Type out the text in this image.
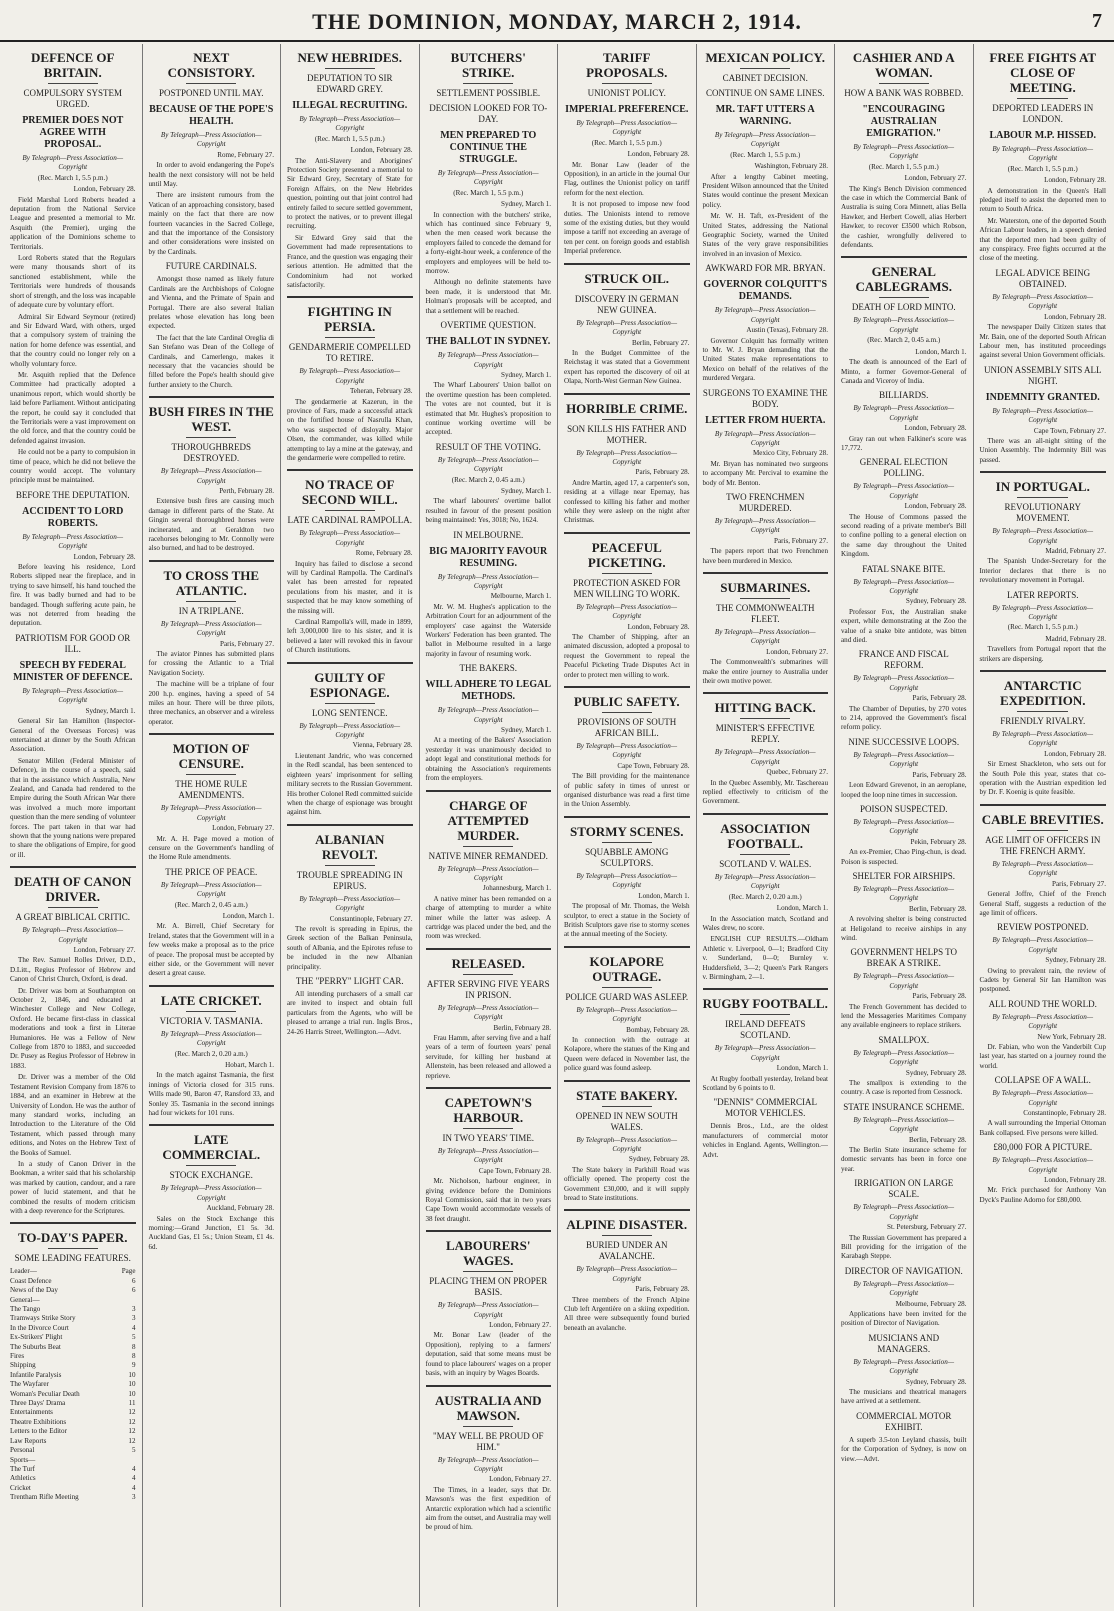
THE DOMINION, MONDAY, MARCH 2, 1914.	7
DEFENCE OF BRITAIN.
COMPULSORY SYSTEM URGED.
PREMIER DOES NOT AGREE WITH PROPOSAL.
By Telegraph—Press Association—Copyright
(Rec. March 1, 5.5 p.m.)
London, February 28.

Field Marshal Lord Roberts headed a deputation from the National Service League and presented a memorial to Mr. Asquith (the Premier), urging the application of the Dominions scheme to Territorials.

Lord Roberts stated that the Regulars were many thousands short of its sanctioned establishment, while the Territorials were hundreds of thousands short of strength, and the loss was incapable of adequate cure by voluntary effort.

Admiral Sir Edward Seymour (retired) and Sir Edward Ward, with others, urged that a compulsory system of training the nation for home defence was essential, and that the country could no longer rely on a wholly voluntary force.

Mr. Asquith replied that the Defence Committee had practically adopted a unanimous report, which would shortly be laid before Parliament. Without anticipating the report, he could say it concluded that the Territorials were a vast improvement on the old force, and that the country could be defended against invasion.

He could not be a party to compulsion in time of peace, which he did not believe the country would accept. The voluntary principle must be maintained.

BEFORE THE DEPUTATION.
ACCIDENT TO LORD ROBERTS.
By Telegraph—Press Association—Copyright
London, February 28.

Before leaving his residence, Lord Roberts slipped near the fireplace, and in trying to save himself, his hand touched the fire. It was badly burned and had to be bandaged. Though suffering acute pain, he was not deterred from heading the deputation.

PATRIOTISM FOR GOOD OR ILL.
SPEECH BY FEDERAL MINISTER OF DEFENCE.
By Telegraph—Press Association—Copyright
Sydney, March 1.

General Sir Ian Hamilton (Inspector-General of the Overseas Forces) was entertained at dinner by the South African Association.

Senator Millen (Federal Minister of Defence), in the course of a speech, said that in the assistance which Australia, New Zealand, and Canada had rendered to the Empire during the South African War there was involved a much more important question than the mere sending of volunteer forces. The part taken in that war had shown that the young nations were prepared to share the obligations of Empire, for good or ill.

DEATH OF CANON DRIVER.
A GREAT BIBLICAL CRITIC.
By Telegraph—Press Association—Copyright
London, February 27.

The Rev. Samuel Rolles Driver, D.D., D.Litt., Regius Professor of Hebrew and Canon of Christ Church, Oxford, is dead.

Dr. Driver was born at Southampton on October 2, 1846, and educated at Winchester College and New College, Oxford. He became first-class in classical moderations and took a first in Literae Humaniores. He was a Fellow of New College from 1870 to 1883, and succeeded Dr. Pusey as Regius Professor of Hebrew in 1883.

Dr. Driver was a member of the Old Testament Revision Company from 1876 to 1884, and an examiner in Hebrew at the University of London. He was the author of many standard works, including an Introduction to the Literature of the Old Testament, which passed through many editions, and Notes on the Hebrew Text of the Books of Samuel.

In a study of Canon Driver in the Bookman, a writer said that his scholarship was marked by caution, candour, and a rare power of lucid statement, and that he combined the results of modern criticism with a deep reverence for the Scriptures.

TO-DAY'S PAPER.
SOME LEADING FEATURES.
Leader—	Page
Coast Defence	6
News of the Day	6
General—
The Tango	3
Tramways Strike Story	3
In the Divorce Court	4
Ex-Strikers' Plight	5
The Suburbs Beat	8
Fires	8
Shipping	9
Infantile Paralysis	10
The Wayfarer	10
Woman's Peculiar Death	10
Three Days' Drama	11
Entertainments	12
Theatre Exhibitions	12
Letters to the Editor	12
Law Reports	12
Personal	5
Sports—
The Turf	4
Athletics	4
Cricket	4
Trentham Rifle Meeting	3
NEXT CONSISTORY.
POSTPONED UNTIL MAY.
BECAUSE OF THE POPE'S HEALTH.
By Telegraph—Press Association—Copyright
Rome, February 27.

In order to avoid endangering the Pope's health the next consistory will not be held until May.

There are insistent rumours from the Vatican of an approaching consistory, based mainly on the fact that there are now fourteen vacancies in the Sacred College, and that the importance of the Consistory and other considerations were insisted on by the Cardinals.

FUTURE CARDINALS.

Amongst those named as likely future Cardinals are the Archbishops of Cologne and Vienna, and the Primate of Spain and Portugal. There are also several Italian prelates whose elevation has long been expected.

The fact that the late Cardinal Oreglia di San Stefano was Dean of the College of Cardinals, and Camerlengo, makes it necessary that the vacancies should be filled before the Pope's health should give further anxiety to the Church.

BUSH FIRES IN THE WEST.
THOROUGHBREDS DESTROYED.
By Telegraph—Press Association—Copyright
Perth, February 28.

Extensive bush fires are causing much damage in different parts of the State. At Gingin several thoroughbred horses were incinerated, and at Geraldton two racehorses belonging to Mr. Connolly were also burned, and had to be destroyed.

TO CROSS THE ATLANTIC.
IN A TRIPLANE.
By Telegraph—Press Association—Copyright
Paris, February 27.

The aviator Pinnes has submitted plans for crossing the Atlantic to a Trial Navigation Society.

The machine will be a triplane of four 200 h.p. engines, having a speed of 54 miles an hour. There will be three pilots, three mechanics, an observer and a wireless operator.

MOTION OF CENSURE.
THE HOME RULE AMENDMENTS.
By Telegraph—Press Association—Copyright
London, February 27.

Mr. A. H. Page moved a motion of censure on the Government's handling of the Home Rule amendments.

THE PRICE OF PEACE.
By Telegraph—Press Association—Copyright
(Rec. March 2, 0.45 a.m.)
London, March 1.

Mr. A. Birrell, Chief Secretary for Ireland, states that the Government will in a few weeks make a proposal as to the price of peace. The proposal must be accepted by either side, or the Government will never desert a great cause.

LATE CRICKET.
VICTORIA V. TASMANIA.
By Telegraph—Press Association—Copyright
(Rec. March 2, 0.20 a.m.)
Hobart, March 1.

In the match against Tasmania, the first innings of Victoria closed for 315 runs. Wills made 90, Baron 47, Ransford 33, and Sonley 35. Tasmania in the second innings had four wickets for 101 runs.

LATE COMMERCIAL.
STOCK EXCHANGE.
By Telegraph—Press Association—Copyright
Auckland, February 28.

Sales on the Stock Exchange this morning:—Grand Junction, £1 5s. 3d. Auckland Gas, £1 5s.; Union Steam, £1 4s. 6d.

NEW HEBRIDES.
DEPUTATION TO SIR EDWARD GREY.
ILLEGAL RECRUITING.
By Telegraph—Press Association—Copyright
(Rec. March 1, 5.5 p.m.)
London, February 28.

The Anti-Slavery and Aborigines' Protection Society presented a memorial to Sir Edward Grey, Secretary of State for Foreign Affairs, on the New Hebrides question, pointing out that joint control had entirely failed to secure settled government, to protect the natives, or to prevent illegal recruiting.

Sir Edward Grey said that the Government had made representations to France, and the question was engaging their serious attention. He admitted that the Condominium had not worked satisfactorily.

FIGHTING IN PERSIA.
GENDARMERIE COMPELLED TO RETIRE.
By Telegraph—Press Association—Copyright
Teheran, February 28.

The gendarmerie at Kazerun, in the province of Fars, made a successful attack on the fortified house of Nasrulla Khan, who was suspected of disloyalty. Major Olsen, the commander, was killed while attempting to lay a mine at the gateway, and the gendarmerie were compelled to retire.

NO TRACE OF SECOND WILL.
LATE CARDINAL RAMPOLLA.
By Telegraph—Press Association—Copyright
Rome, February 28.

Inquiry has failed to disclose a second will by Cardinal Rampolla. The Cardinal's valet has been arrested for repeated peculations from his master, and it is suspected that he may know something of the missing will.

Cardinal Rampolla's will, made in 1899, left 3,000,000 lire to his sister, and it is believed a later will revoked this in favour of Church institutions.

GUILTY OF ESPIONAGE.
LONG SENTENCE.
By Telegraph—Press Association—Copyright
Vienna, February 28.

Lieutenant Jandric, who was concerned in the Redl scandal, has been sentenced to eighteen years' imprisonment for selling military secrets to the Russian Government. His brother Colonel Redl committed suicide when the charge of espionage was brought against him.

ALBANIAN REVOLT.
TROUBLE SPREADING IN EPIRUS.
By Telegraph—Press Association—Copyright
Constantinople, February 27.

The revolt is spreading in Epirus, the Greek section of the Balkan Peninsula, south of Albania, and the Epirotes refuse to be included in the new Albanian principality.

THE "PERRY" LIGHT CAR.

All intending purchasers of a small car are invited to inspect and obtain full particulars from the Agents, who will be pleased to arrange a trial run. Inglis Bros., 24-26 Harris Street, Wellington.—Advt.

BUTCHERS' STRIKE.
SETTLEMENT POSSIBLE.
DECISION LOOKED FOR TO-DAY.
MEN PREPARED TO CONTINUE THE STRUGGLE.
By Telegraph—Press Association—Copyright
(Rec. March 1, 5.5 p.m.)
Sydney, March 1.

In connection with the butchers' strike, which has continued since February 9, when the men ceased work because the employers failed to concede the demand for a forty-eight-hour week, a conference of the employers and employees will be held to-morrow.

Although no definite statements have been made, it is understood that Mr. Holman's proposals will be accepted, and that a settlement will be reached.

OVERTIME QUESTION.
THE BALLOT IN SYDNEY.
By Telegraph—Press Association—Copyright
Sydney, March 1.

The Wharf Labourers' Union ballot on the overtime question has been completed. The votes are not counted, but it is estimated that Mr. Hughes's proposition to continue working overtime will be accepted.

RESULT OF THE VOTING.
By Telegraph—Press Association—Copyright
(Rec. March 2, 0.45 a.m.)
Sydney, March 1.

The wharf labourers' overtime ballot resulted in favour of the present position being maintained: Yes, 3018; No, 1624.

IN MELBOURNE.
BIG MAJORITY FAVOUR RESUMING.
By Telegraph—Press Association—Copyright
Melbourne, March 1.

Mr. W. M. Hughes's application to the Arbitration Court for an adjournment of the employers' case against the Waterside Workers' Federation has been granted. The ballot in Melbourne resulted in a large majority in favour of resuming work.

THE BAKERS.
WILL ADHERE TO LEGAL METHODS.
By Telegraph—Press Association—Copyright
Sydney, March 1.

At a meeting of the Bakers' Association yesterday it was unanimously decided to adopt legal and constitutional methods for obtaining the Association's requirements from the employers.

CHARGE OF ATTEMPTED MURDER.
NATIVE MINER REMANDED.
By Telegraph—Press Association—Copyright
Johannesburg, March 1.

A native miner has been remanded on a charge of attempting to murder a white miner while the latter was asleep. A cartridge was placed under the bed, and the room was wrecked.

RELEASED.
AFTER SERVING FIVE YEARS IN PRISON.
By Telegraph—Press Association—Copyright
Berlin, February 28.

Frau Hamm, after serving five and a half years of a term of fourteen years' penal servitude, for killing her husband at Allenstein, has been released and allowed a reprieve.

CAPETOWN'S HARBOUR.
IN TWO YEARS' TIME.
By Telegraph—Press Association—Copyright
Cape Town, February 28.

Mr. Nicholson, harbour engineer, in giving evidence before the Dominions Royal Commission, said that in two years Cape Town would accommodate vessels of 38 feet draught.

LABOURERS' WAGES.
PLACING THEM ON PROPER BASIS.
By Telegraph—Press Association—Copyright
London, February 27.

Mr. Bonar Law (leader of the Opposition), replying to a farmers' deputation, said that some means must be found to place labourers' wages on a proper basis, with an inquiry by Wages Boards.

AUSTRALIA AND MAWSON.
"MAY WELL BE PROUD OF HIM."
By Telegraph—Press Association—Copyright
London, February 27.

The Times, in a leader, says that Dr. Mawson's was the first expedition of Antarctic exploration which had a scientific aim from the outset, and Australia may well be proud of him.

TARIFF PROPOSALS.
UNIONIST POLICY.
IMPERIAL PREFERENCE.
By Telegraph—Press Association—Copyright
(Rec. March 1, 5.5 p.m.)
London, February 28.

Mr. Bonar Law (leader of the Opposition), in an article in the journal Our Flag, outlines the Unionist policy on tariff reform for the next election.

It is not proposed to impose new food duties. The Unionists intend to remove some of the existing duties, but they would impose a tariff not exceeding an average of ten per cent. on foreign goods and establish Imperial preference.

STRUCK OIL.
DISCOVERY IN GERMAN NEW GUINEA.
By Telegraph—Press Association—Copyright
Berlin, February 27.

In the Budget Committee of the Reichstag it was stated that a Government expert has reported the discovery of oil at Olapa, North-West German New Guinea.

HORRIBLE CRIME.
SON KILLS HIS FATHER AND MOTHER.
By Telegraph—Press Association—Copyright
Paris, February 28.

Andre Martin, aged 17, a carpenter's son, residing at a village near Epernay, has confessed to killing his father and mother while they were asleep on the night after Christmas.

PEACEFUL PICKETING.
PROTECTION ASKED FOR MEN WILLING TO WORK.
By Telegraph—Press Association—Copyright
London, February 28.

The Chamber of Shipping, after an animated discussion, adopted a proposal to request the Government to repeal the Peaceful Picketing Trade Disputes Act in order to protect men willing to work.

PUBLIC SAFETY.
PROVISIONS OF SOUTH AFRICAN BILL.
By Telegraph—Press Association—Copyright
Cape Town, February 28.

The Bill providing for the maintenance of public safety in times of unrest or organised disturbance was read a first time in the Union Assembly.

STORMY SCENES.
SQUABBLE AMONG SCULPTORS.
By Telegraph—Press Association—Copyright
London, March 1.

The proposal of Mr. Thomas, the Welsh sculptor, to erect a statue in the Society of British Sculptors gave rise to stormy scenes at the annual meeting of the Society.

KOLAPORE OUTRAGE.
POLICE GUARD WAS ASLEEP.
By Telegraph—Press Association—Copyright
Bombay, February 28.

In connection with the outrage at Kolapore, where the statues of the King and Queen were defaced in November last, the police guard was found asleep.

STATE BAKERY.
OPENED IN NEW SOUTH WALES.
By Telegraph—Press Association—Copyright
Sydney, February 28.

The State bakery in Parkhill Road was officially opened. The property cost the Government £30,000, and it will supply bread to State institutions.

ALPINE DISASTER.
BURIED UNDER AN AVALANCHE.
By Telegraph—Press Association—Copyright
Paris, February 28.

Three members of the French Alpine Club left Argentière on a skiing expedition. All three were subsequently found buried beneath an avalanche.

MEXICAN POLICY.
CABINET DECISION.
CONTINUE ON SAME LINES.
MR. TAFT UTTERS A WARNING.
By Telegraph—Press Association—Copyright
(Rec. March 1, 5.5 p.m.)
Washington, February 28.

After a lengthy Cabinet meeting, President Wilson announced that the United States would continue the present Mexican policy.

Mr. W. H. Taft, ex-President of the United States, addressing the National Geographic Society, warned the United States of the very grave responsibilities involved in an invasion of Mexico.

AWKWARD FOR MR. BRYAN.
GOVERNOR COLQUITT'S DEMANDS.
By Telegraph—Press Association—Copyright
Austin (Texas), February 28.

Governor Colquitt has formally written to Mr. W. J. Bryan demanding that the United States make representations to Mexico on behalf of the relatives of the murdered Vergara.

SURGEONS TO EXAMINE THE BODY.
LETTER FROM HUERTA.
By Telegraph—Press Association—Copyright
Mexico City, February 28.

Mr. Bryan has nominated two surgeons to accompany Mr. Percival to examine the body of Mr. Benton.

TWO FRENCHMEN MURDERED.
By Telegraph—Press Association—Copyright
Paris, February 27.

The papers report that two Frenchmen have been murdered in Mexico.

SUBMARINES.
THE COMMONWEALTH FLEET.
By Telegraph—Press Association—Copyright
London, February 27.

The Commonwealth's submarines will make the entire journey to Australia under their own motive power.

HITTING BACK.
MINISTER'S EFFECTIVE REPLY.
By Telegraph—Press Association—Copyright
Quebec, February 27.

In the Quebec Assembly, Mr. Taschereau replied effectively to criticism of the Government.

ASSOCIATION FOOTBALL.
SCOTLAND V. WALES.
By Telegraph—Press Association—Copyright
(Rec. March 2, 0.20 a.m.)
London, March 1.

In the Association match, Scotland and Wales drew, no score.

ENGLISH CUP RESULTS.—Oldham Athletic v. Liverpool, 0—1; Bradford City v. Sunderland, 0—0; Burnley v. Huddersfield, 3—2; Queen's Park Rangers v. Birmingham, 2—1.

RUGBY FOOTBALL.
IRELAND DEFEATS SCOTLAND.
By Telegraph—Press Association—Copyright
London, March 1.

At Rugby football yesterday, Ireland beat Scotland by 6 points to 0.

"DENNIS" COMMERCIAL MOTOR VEHICLES.

Dennis Bros., Ltd., are the oldest manufacturers of commercial motor vehicles in England. Agents, Wellington.—Advt.

CASHIER AND A WOMAN.
HOW A BANK WAS ROBBED.
"ENCOURAGING AUSTRALIAN EMIGRATION."
By Telegraph—Press Association—Copyright
(Rec. March 1, 5.5 p.m.)
London, February 27.

The King's Bench Division commenced the case in which the Commercial Bank of Australia is suing Cora Minnett, alias Bella Hawker, and Herbert Cowell, alias Herbert Hawker, to recover £3500 which Robson, the cashier, wrongfully delivered to defendants.

GENERAL CABLEGRAMS.
DEATH OF LORD MINTO.
By Telegraph—Press Association—Copyright
(Rec. March 2, 0.45 a.m.)
London, March 1.

The death is announced of the Earl of Minto, a former Governor-General of Canada and Viceroy of India.

BILLIARDS.
By Telegraph—Press Association—Copyright
London, February 28.

Gray ran out when Falkiner's score was 17,772.

GENERAL ELECTION POLLING.
By Telegraph—Press Association—Copyright
London, February 28.

The House of Commons passed the second reading of a private member's Bill to confine polling to a general election on the same day throughout the United Kingdom.

FATAL SNAKE BITE.
By Telegraph—Press Association—Copyright
Sydney, February 28.

Professor Fox, the Australian snake expert, while demonstrating at the Zoo the value of a snake bite antidote, was bitten and died.

FRANCE AND FISCAL REFORM.
By Telegraph—Press Association—Copyright
Paris, February 28.

The Chamber of Deputies, by 270 votes to 214, approved the Government's fiscal reform policy.

NINE SUCCESSIVE LOOPS.
By Telegraph—Press Association—Copyright
Paris, February 28.

Leon Edward Grevenot, in an aeroplane, looped the loop nine times in succession.

POISON SUSPECTED.
By Telegraph—Press Association—Copyright
Pekin, February 28.

An ex-Premier, Chao Ping-chun, is dead. Poison is suspected.

SHELTER FOR AIRSHIPS.
By Telegraph—Press Association—Copyright
Berlin, February 28.

A revolving shelter is being constructed at Heligoland to receive airships in any wind.

GOVERNMENT HELPS TO BREAK A STRIKE.
By Telegraph—Press Association—Copyright
Paris, February 28.

The French Government has decided to lend the Messageries Maritimes Company any available engineers to replace strikers.

SMALLPOX.
By Telegraph—Press Association—Copyright
Sydney, February 28.

The smallpox is extending to the country. A case is reported from Cessnock.

STATE INSURANCE SCHEME.
By Telegraph—Press Association—Copyright
Berlin, February 28.

The Berlin State insurance scheme for domestic servants has been in force one year.

IRRIGATION ON LARGE SCALE.
By Telegraph—Press Association—Copyright
St. Petersburg, February 27.

The Russian Government has prepared a Bill providing for the irrigation of the Karabagh Steppe.

DIRECTOR OF NAVIGATION.
By Telegraph—Press Association—Copyright
Melbourne, February 28.

Applications have been invited for the position of Director of Navigation.

MUSICIANS AND MANAGERS.
By Telegraph—Press Association—Copyright
Sydney, February 28.

The musicians and theatrical managers have arrived at a settlement.

COMMERCIAL MOTOR EXHIBIT.

A superb 3.5-ton Leyland chassis, built for the Corporation of Sydney, is now on view.—Advt.

FREE FIGHTS AT CLOSE OF MEETING.
DEPORTED LEADERS IN LONDON.
LABOUR M.P. HISSED.
By Telegraph—Press Association—Copyright
(Rec. March 1, 5.5 p.m.)
London, February 28.

A demonstration in the Queen's Hall pledged itself to assist the deported men to return to South Africa.

Mr. Waterston, one of the deported South African Labour leaders, in a speech denied that the deported men had been guilty of any conspiracy. Free fights occurred at the close of the meeting.

LEGAL ADVICE BEING OBTAINED.
By Telegraph—Press Association—Copyright
London, February 28.

The newspaper Daily Citizen states that Mr. Bain, one of the deported South African Labour men, has instituted proceedings against several Union Government officials.

UNION ASSEMBLY SITS ALL NIGHT.
INDEMNITY GRANTED.
By Telegraph—Press Association—Copyright
Cape Town, February 27.

There was an all-night sitting of the Union Assembly. The Indemnity Bill was passed.

IN PORTUGAL.
REVOLUTIONARY MOVEMENT.
By Telegraph—Press Association—Copyright
Madrid, February 27.

The Spanish Under-Secretary for the Interior declares that there is no revolutionary movement in Portugal.

LATER REPORTS.
By Telegraph—Press Association—Copyright
(Rec. March 1, 5.5 p.m.)
Madrid, February 28.

Travellers from Portugal report that the strikers are dispersing.

ANTARCTIC EXPEDITION.
FRIENDLY RIVALRY.
By Telegraph—Press Association—Copyright
London, February 28.

Sir Ernest Shackleton, who sets out for the South Pole this year, states that co-operation with the Austrian expedition led by Dr. F. Koenig is quite feasible.

CABLE BREVITIES.
AGE LIMIT OF OFFICERS IN THE FRENCH ARMY.
By Telegraph—Press Association—Copyright
Paris, February 27.

General Joffre, Chief of the French General Staff, suggests a reduction of the age limit of officers.

REVIEW POSTPONED.
By Telegraph—Press Association—Copyright
Sydney, February 28.

Owing to prevalent rain, the review of Cadets by General Sir Ian Hamilton was postponed.

ALL ROUND THE WORLD.
By Telegraph—Press Association—Copyright
New York, February 28.

Dr. Fabian, who won the Vanderbilt Cup last year, has started on a journey round the world.

COLLAPSE OF A WALL.
By Telegraph—Press Association—Copyright
Constantinople, February 28.

A wall surrounding the Imperial Ottoman Bank collapsed. Five persons were killed.

£80,000 FOR A PICTURE.
By Telegraph—Press Association—Copyright
London, February 28.

Mr. Frick purchased for Anthony Van Dyck's Pauline Adorno for £80,000.
